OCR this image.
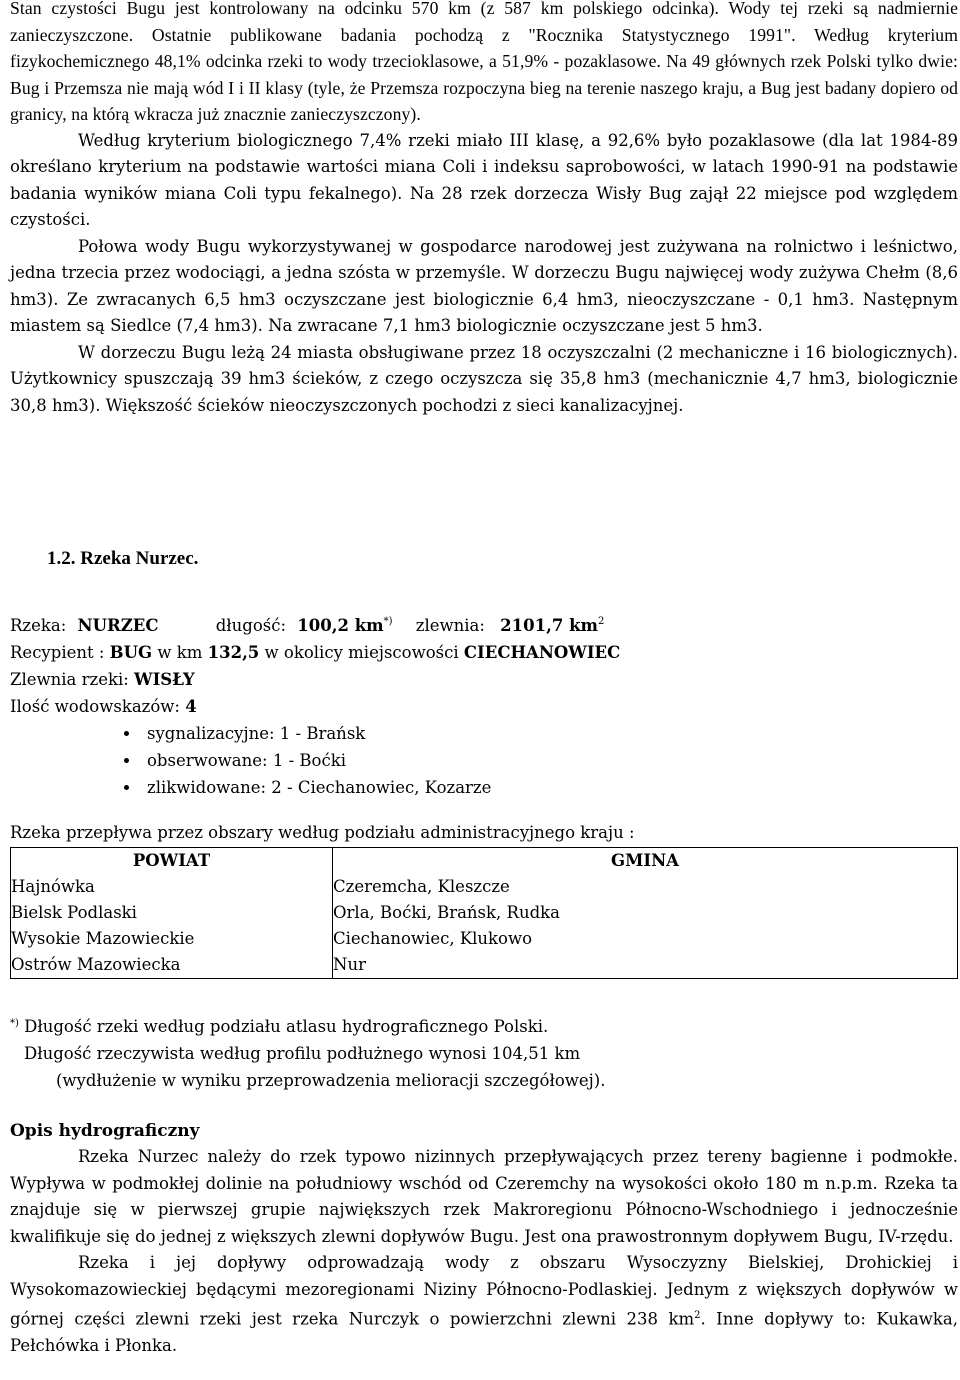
Stan czystości Bugu jest kontrolowany na odcinku 570 km (z 587 km polskiego odcinka). Wody tej rzeki są nadmiernie zanieczyszczone. Ostatnie publikowane badania pochodzą z "Rocznika Statystycznego 1991". Według kryterium fizykochemicznego 48,1% odcinka rzeki to wody trzecioklasowe, a 51,9% - pozaklasowe. Na 49 głównych rzek Polski tylko dwie: Bug i Przemsza nie mają wód I i II klasy (tyle, że Przemsza rozpoczyna bieg na terenie naszego kraju, a Bug jest badany dopiero od granicy, na którą wkracza już znacznie zanieczyszczony).

Według kryterium biologicznego 7,4% rzeki miało III klasę, a 92,6% było pozaklasowe (dla lat 1984-89 określano kryterium na podstawie wartości miana Coli i indeksu saprobowości, w latach 1990-91 na podstawie badania wyników miana Coli typu fekalnego). Na 28 rzek dorzecza Wisły Bug zajął 22 miejsce pod względem czystości.

Połowa wody Bugu wykorzystywanej w gospodarce narodowej jest zużywana na rolnictwo i leśnictwo, jedna trzecia przez wodociągi, a jedna szósta w przemyśle. W dorzeczu Bugu najwięcej wody zużywa Chełm (8,6 hm3). Ze zwracanych 6,5 hm3 oczyszczane jest biologicznie 6,4 hm3, nieoczyszczane - 0,1 hm3. Następnym miastem są Siedlce (7,4 hm3). Na zwracane 7,1 hm3 biologicznie oczyszczane jest 5 hm3.

W dorzeczu Bugu leżą 24 miasta obsługiwane przez 18 oczyszczalni (2 mechaniczne i 16 biologicznych). Użytkownicy spuszczają 39 hm3 ścieków, z czego oczyszcza się 35,8 hm3 (mechanicznie 4,7 hm3, biologicznie 30,8 hm3). Większość ścieków nieoczyszczonych pochodzi z sieci kanalizacyjnej.

1.2. Rzeka Nurzec.
Rzeka: NURZEC	długość: 100,2 km*) zlewnia: 2101,7 $km^2$
Recypient : BUG w km 132,5 w okolicy miejscowości CIECHANOWIEC
Zlewnia rzeki: WISŁY
Ilość wodowskazów: 4
sygnalizacyjne: 1 - Brańsk
obserwowane: 1 - Boćki
zlikwidowane: 2 - Ciechanowiec, Kozarze
Rzeka przepływa przez obszary według podziału administracyjnego kraju :
POWIAT	GMINA
Hajnówka	Czeremcha, Kleszcze
Bielsk Podlaski	Orla, Boćki, Brańsk, Rudka
Wysokie Mazowieckie	Ciechanowiec, Klukowo
Ostrów Mazowiecka	Nur
*) Długość rzeki według podziału atlasu hydrograficznego Polski.
Długość rzeczywista według profilu podłużnego wynosi 104,51 km
(wydłużenie w wyniku przeprowadzenia melioracji szczegółowej).

Opis hydrograficzny

Rzeka Nurzec należy do rzek typowo nizinnych przepływających przez tereny bagienne i podmokłe. Wypływa w podmokłej dolinie na południowy wschód od Czeremchy na wysokości około 180 m n.p.m. Rzeka ta znajduje się w pierwszej grupie największych rzek Makroregionu Północno-Wschodniego i jednocześnie kwalifikuje się do jednej z większych zlewni dopływów Bugu. Jest ona prawostronnym dopływem Bugu, IV-rzędu.

Rzeka i jej dopływy odprowadzają wody z obszaru Wysoczyzny Bielskiej, Drohickiej i Wysokomazowieckiej będącymi mezoregionami Niziny Północno-Podlaskiej. Jednym z większych dopływów w górnej części zlewni rzeki jest rzeka Nurczyk o powierzchni zlewni 238 $km^2$. Inne dopływy to: Kukawka, Pełchówka i Płonka.
